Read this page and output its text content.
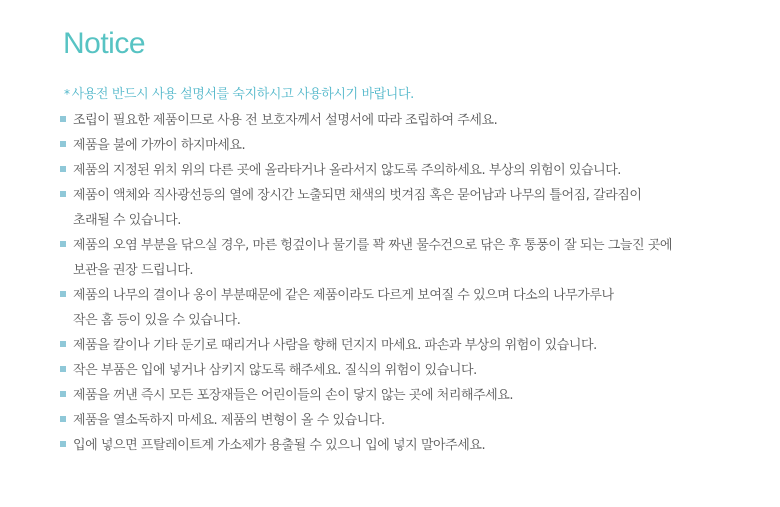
Notice

* 사용전 반드시 사용 설명서를 숙지하시고 사용하시기 바랍니다.

조립이 필요한 제품이므로 사용 전 보호자께서 설명서에 따라 조립하여 주세요.
제품을 불에 가까이 하지마세요.
제품의 지정된 위치 위의 다른 곳에 올라타거나 올라서지 않도록 주의하세요. 부상의 위험이 있습니다.
제품이 액체와 직사광선등의 열에 장시간 노출되면 채색의 벗겨짐 혹은 묻어남과 나무의 틀어짐, 갈라짐이
초래될 수 있습니다.
제품의 오염 부분을 닦으실 경우, 마른 헝겊이나 물기를 꽉 짜낸 물수건으로 닦은 후 통풍이 잘 되는 그늘진 곳에
보관을 권장 드립니다.
제품의 나무의 결이나 옹이 부분때문에 같은 제품이라도 다르게 보여질 수 있으며 다소의 나무가루나
작은 홈 등이 있을 수 있습니다.
제품을 칼이나 기타 둔기로 때리거나 사람을 향해 던지지 마세요. 파손과 부상의 위험이 있습니다.
작은 부품은 입에 넣거나 삼키지 않도록 해주세요. 질식의 위험이 있습니다.
제품을 꺼낸 즉시 모든 포장재들은 어린이들의 손이 닿지 않는 곳에 처리해주세요.
제품을 열소독하지 마세요. 제품의 변형이 올 수 있습니다.
입에 넣으면 프탈레이트계 가소제가 용출될 수 있으니 입에 넣지 말아주세요.
